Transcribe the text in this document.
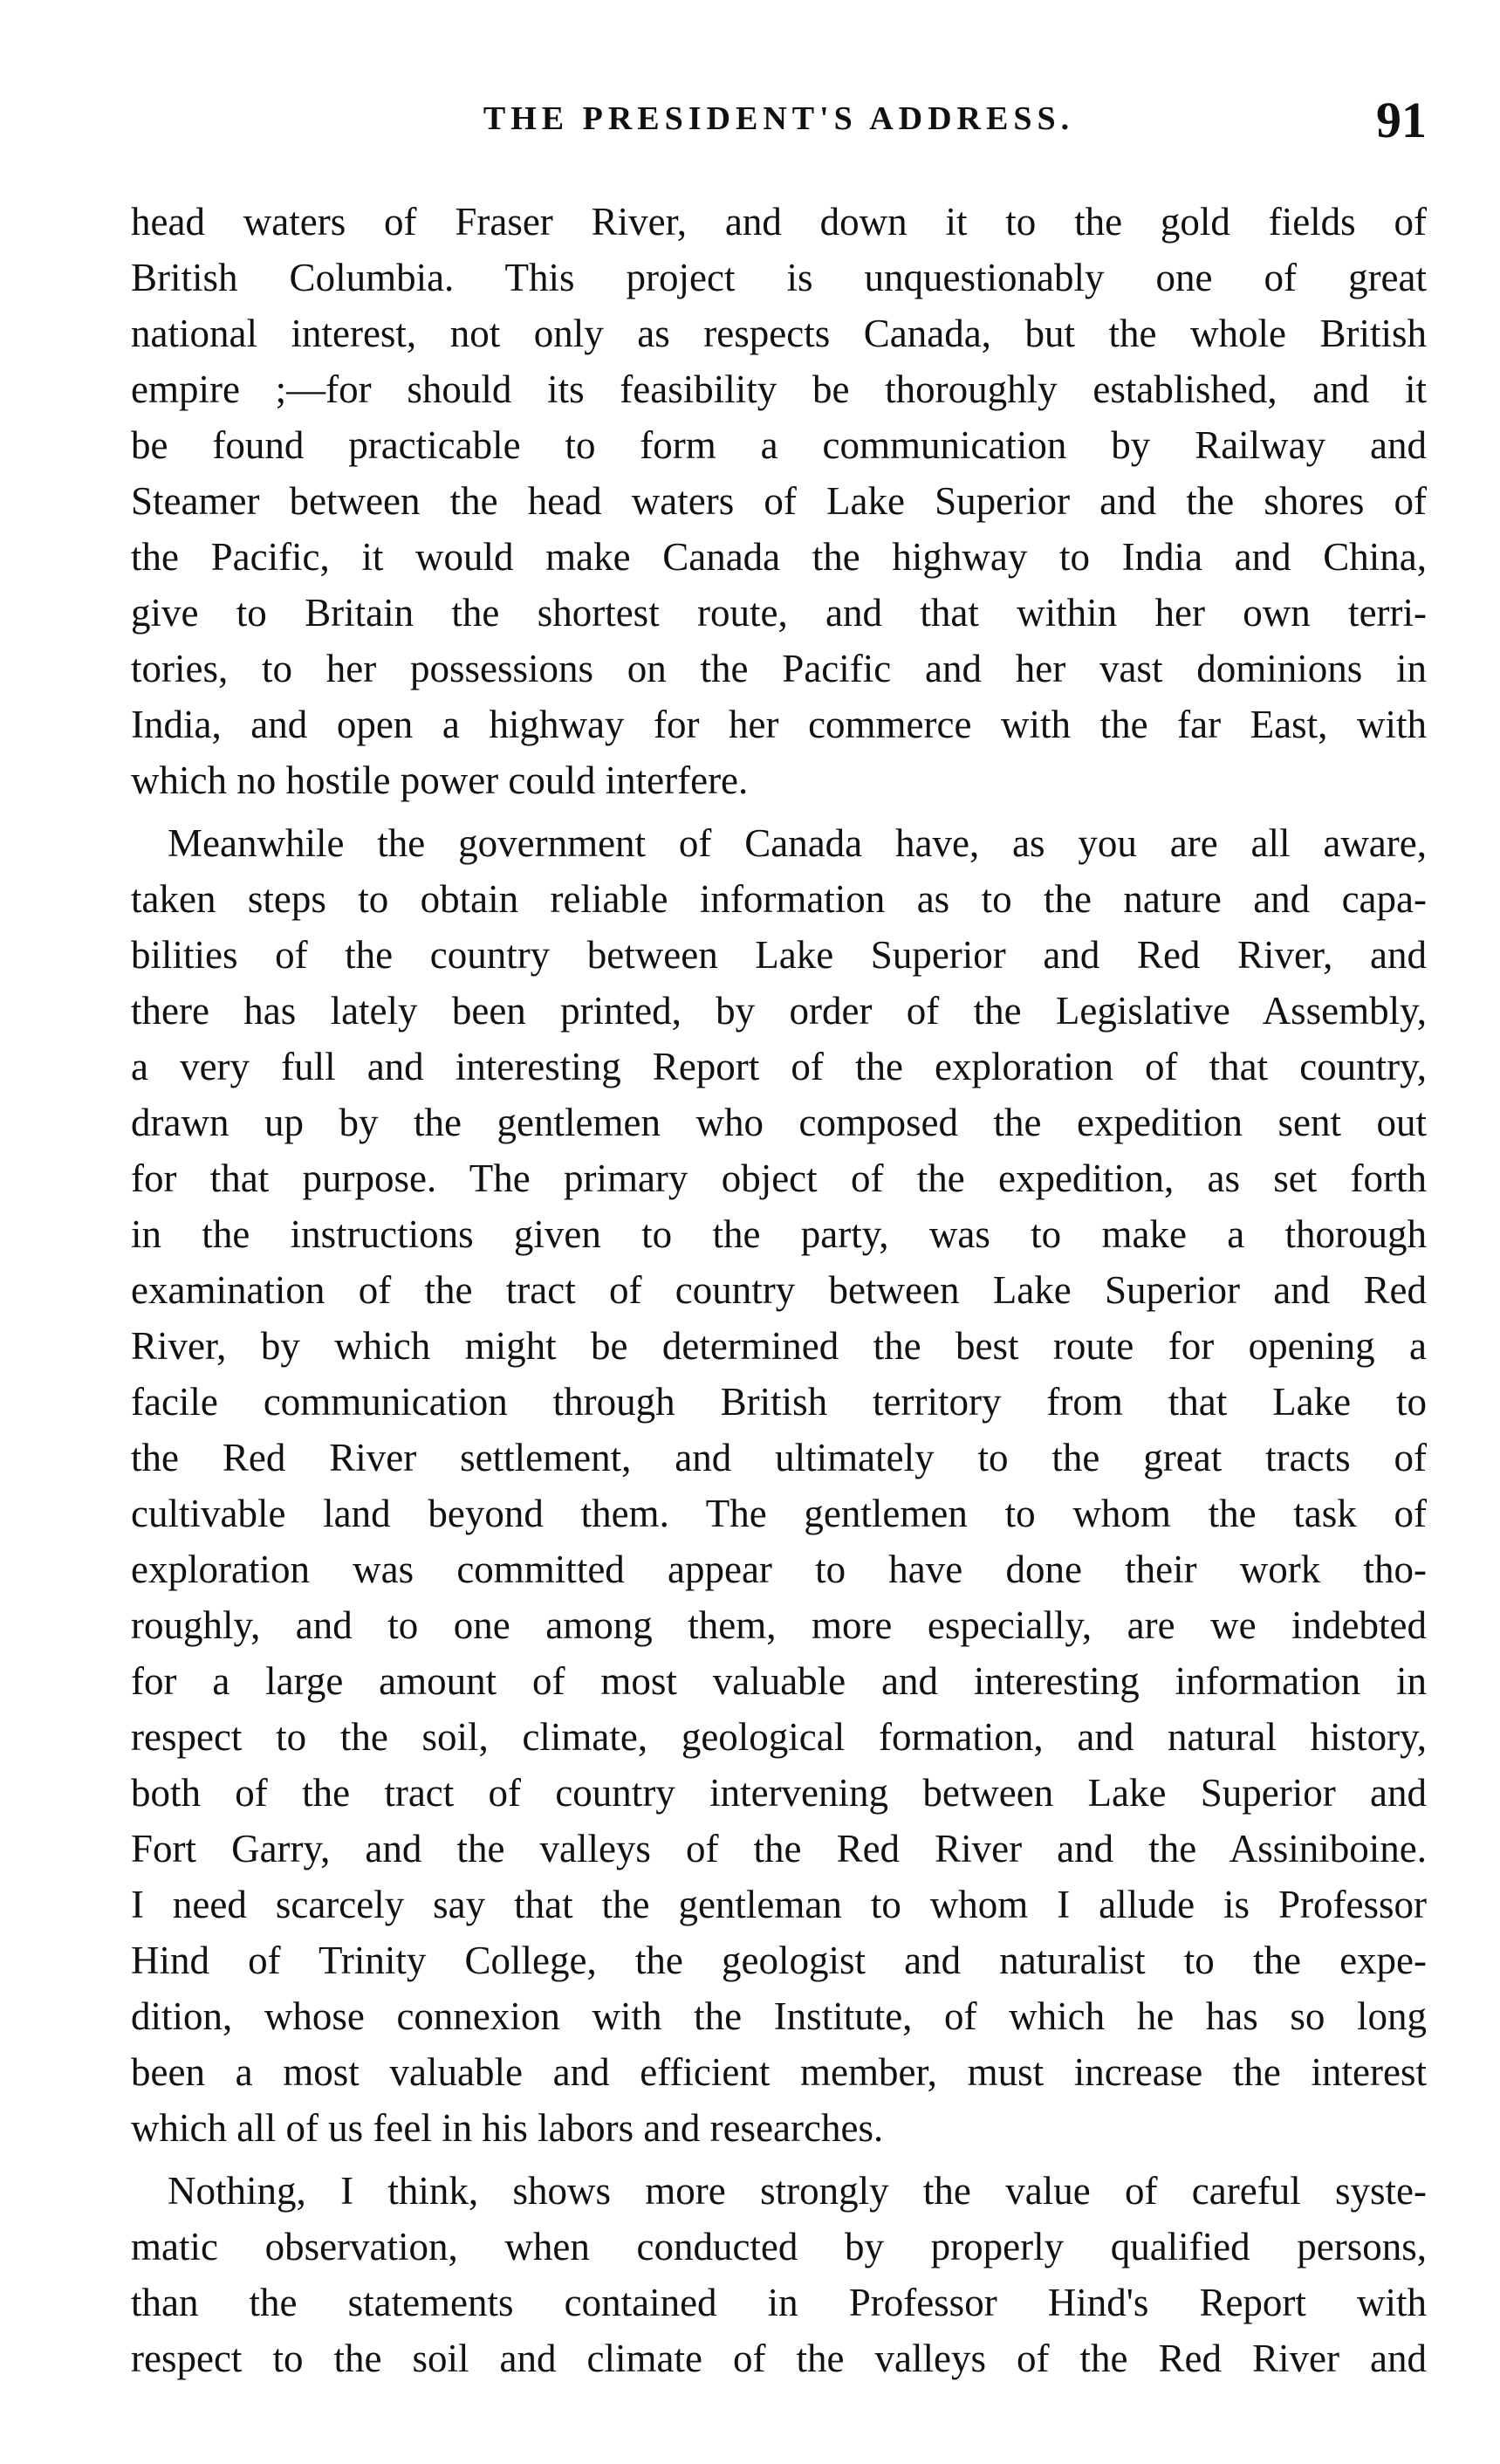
THE PRESIDENT'S ADDRESS.	91
head waters of Fraser River, and down it to the gold fields of
British Columbia. This project is unquestionably one of great
national interest, not only as respects Canada, but the whole British
empire ;—for should its feasibility be thoroughly established, and it
be found practicable to form a communication by Railway and
Steamer between the head waters of Lake Superior and the shores of
the Pacific, it would make Canada the highway to India and China,
give to Britain the shortest route, and that within her own terri-
tories, to her possessions on the Pacific and her vast dominions in
India, and open a highway for her commerce with the far East, with
which no hostile power could interfere.
Meanwhile the government of Canada have, as you are all aware,
taken steps to obtain reliable information as to the nature and capa-
bilities of the country between Lake Superior and Red River, and
there has lately been printed, by order of the Legislative Assembly,
a very full and interesting Report of the exploration of that country,
drawn up by the gentlemen who composed the expedition sent out
for that purpose. The primary object of the expedition, as set forth
in the instructions given to the party, was to make a thorough
examination of the tract of country between Lake Superior and Red
River, by which might be determined the best route for opening a
facile communication through British territory from that Lake to
the Red River settlement, and ultimately to the great tracts of
cultivable land beyond them. The gentlemen to whom the task of
exploration was committed appear to have done their work tho-
roughly, and to one among them, more especially, are we indebted
for a large amount of most valuable and interesting information in
respect to the soil, climate, geological formation, and natural history,
both of the tract of country intervening between Lake Superior and
Fort Garry, and the valleys of the Red River and the Assiniboine.
I need scarcely say that the gentleman to whom I allude is Professor
Hind of Trinity College, the geologist and naturalist to the expe-
dition, whose connexion with the Institute, of which he has so long
been a most valuable and efficient member, must increase the interest
which all of us feel in his labors and researches.
Nothing, I think, shows more strongly the value of careful syste-
matic observation, when conducted by properly qualified persons,
than the statements contained in Professor Hind's Report with
respect to the soil and climate of the valleys of the Red River and
